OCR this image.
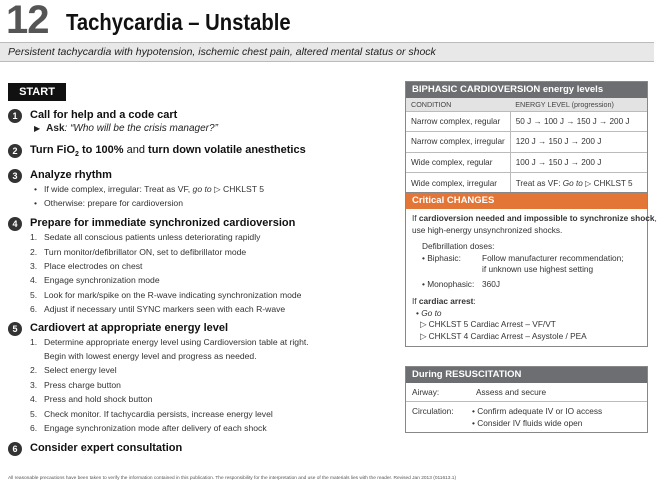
12 Tachycardia – Unstable
Persistent tachycardia with hypotension, ischemic chest pain, altered mental status or shock
START
1	Call for help and a code cart
▶ Ask: “Who will be the crisis manager?”
2	Turn FiO$_2$ to 100% and turn down volatile anesthetics
3	Analyze rhythm
• If wide complex, irregular: Treat as VF, go to ▷ CHKLST 5
• Otherwise: prepare for cardioversion
4	Prepare for immediate synchronized cardioversion
1. Sedate all conscious patients unless deteriorating rapidly
2. Turn monitor/defibrillator ON, set to defibrillator mode
3. Place electrodes on chest
4. Engage synchronization mode
5. Look for mark/spike on the R-wave indicating synchronization mode
6. Adjust if necessary until SYNC markers seen with each R-wave
5	Cardiovert at appropriate energy level
1. Determine appropriate energy level using Cardioversion table at right.
Begin with lowest energy level and progress as needed.
2. Select energy level
3. Press charge button
4. Press and hold shock button
5. Check monitor. If tachycardia persists, increase energy level
6. Engage synchronization mode after delivery of each shock
6	Consider expert consultation
BIPHASIC CARDIOVERSION energy levels
CONDITION	ENERGY LEVEL (progression)
Narrow complex, regular	50 J → 100 J → 150 J → 200 J
Narrow complex, irregular	120 J → 150 J → 200 J
Wide complex, regular	100 J → 150 J → 200 J
Wide complex, irregular	Treat as VF: Go to ▷ CHKLST 5
Critical CHANGES
If cardioversion needed and impossible to synchronize shock,
use high-energy unsynchronized shocks.
Defibrillation doses:
• Biphasic:	Follow manufacturer recommendation;
if unknown use highest setting
• Monophasic: 360J
If cardiac arrest:
• Go to
▷ CHKLST 5 Cardiac Arrest – VF/VT
▷ CHKLST 4 Cardiac Arrest – Asystole / PEA
During RESUSCITATION
Airway:	Assess and secure
Circulation:	• Confirm adequate IV or IO access
• Consider IV fluids wide open
All reasonable precautions have been taken to verify the information contained in this publication. The responsibility for the interpretation and use of the materials lies with the reader. Revised Jan 2013 (011613.1)
